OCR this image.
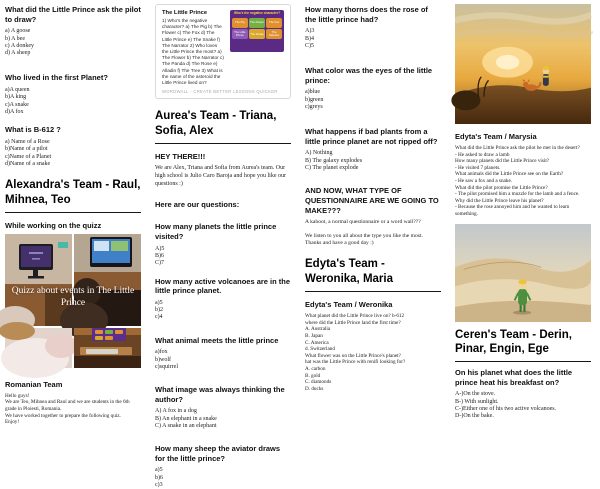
What did the Little Prince ask the pilot to draw?
a) A goose
b) A bee
c) A donkey
d) A sheep
Who lived in the first Planet?
a)A queen
b)A king
c)A snake
d)A fox
What is B-612 ?
a) Name of a Rose
b)Name of a pilot
c)Name of a Planet
d)Name of a snake
Alexandra's Team - Raul, Mihnea, Teo
While working on the quizz
Quizz about events in The Little Prince
Romanian Team
Hello guys!
We are Teo, Mihnea and Raul and we are students in the 6th grade in Ploiesti, Romania.
We have worked together to prepare the following quiz.
Enjoy!
The Little Prince
1) Who's the negative character? a) The Pig b) The Flower c) The Fox d) The Little Prince e) The Snake f) The Narrator 2) Who loves the Little Prince the most? a) The Flower b) The Narrator c) The Panda d) The Rose e) Alladin f) The Tree 3) What is the name of the asteroid the Little Prince lived on?
Who's the negative character?
The Pig	The Flower	The Fox
The Little Prince	The Snake	The Narrator
WORDWALL - CREATE BETTER LESSONS QUICKER
Aurea's Team - Triana, Sofia, Alex
HEY THERE!!!
We are Alex, Triana and Sofia from Aurea's team. Our high school is Julio Caro Baroja and hope you like our questions :)
Here are our questions:
How many planets the little prince visited?
A)5
B)6
C)7
How many active volcanoes are in the little prince planet.
a)5
b)2
c)4
What animal meets the little prince
a)fox
b)wolf
c)squirrel
What image was always thinking the author?
A) A fox in a dog
B) An elephant in a snake
C) A snake in an elephant
How many sheep the aviator draws for the little prince?
a)5
b)6
c)3
How many thorns does the rose of the little prince had?
A)3
B)4
C)5
What color was the eyes of the little prince:
a)blue
b)green
c)greys
What happens if bad plants from a little prince planet are not ripped off?
A) Nothing
B) The galaxy explodes
C) The planet explode
AND NOW, WHAT TYPE OF QUESTIONNAIRE ARE WE GOING TO MAKE???
A kahoot, a normal questionnaire or a word wall???
We listen to you all about the type you like the most.
Thanks and have a good day :)
Edyta's Team - Weronika, Maria
Edyta's Team / Weronika
What planet did the Little Prince live on? b-612
where did the Little Prince land the first time?
A. Australia
B. Japan
C. America
d. Switzerland
What flower was on the Little Prince's planet?
hat was the Little Prince with renifi looking for?
A. carbon
B. gold
C. diamonds
D. ducks
Edyta's Team / Marysia
What did the Little Prince ask the pilot he met in the desert?
- He asked to draw a lamb
How many planets did the Little Prince visit?
- He visited 7 planets.
What animals did the Little Prince see on the Earth?
- He saw a fox and a snake.
What did the pilot promise the Little Prince?
- The pilot promised him a muzzle for the lamb and a fence.
Why did the Little Prince leave his planet?
- Because the rose annoyed him and he wanted to learn something.
Ceren's Team - Derin, Pinar, Engin, Ege
On his planet what does the little prince heat his breakfast on?
A-)On the stove.
B-) With sunlight.
C-)Either one of his two active volcanoes.
D-)On the bake.
